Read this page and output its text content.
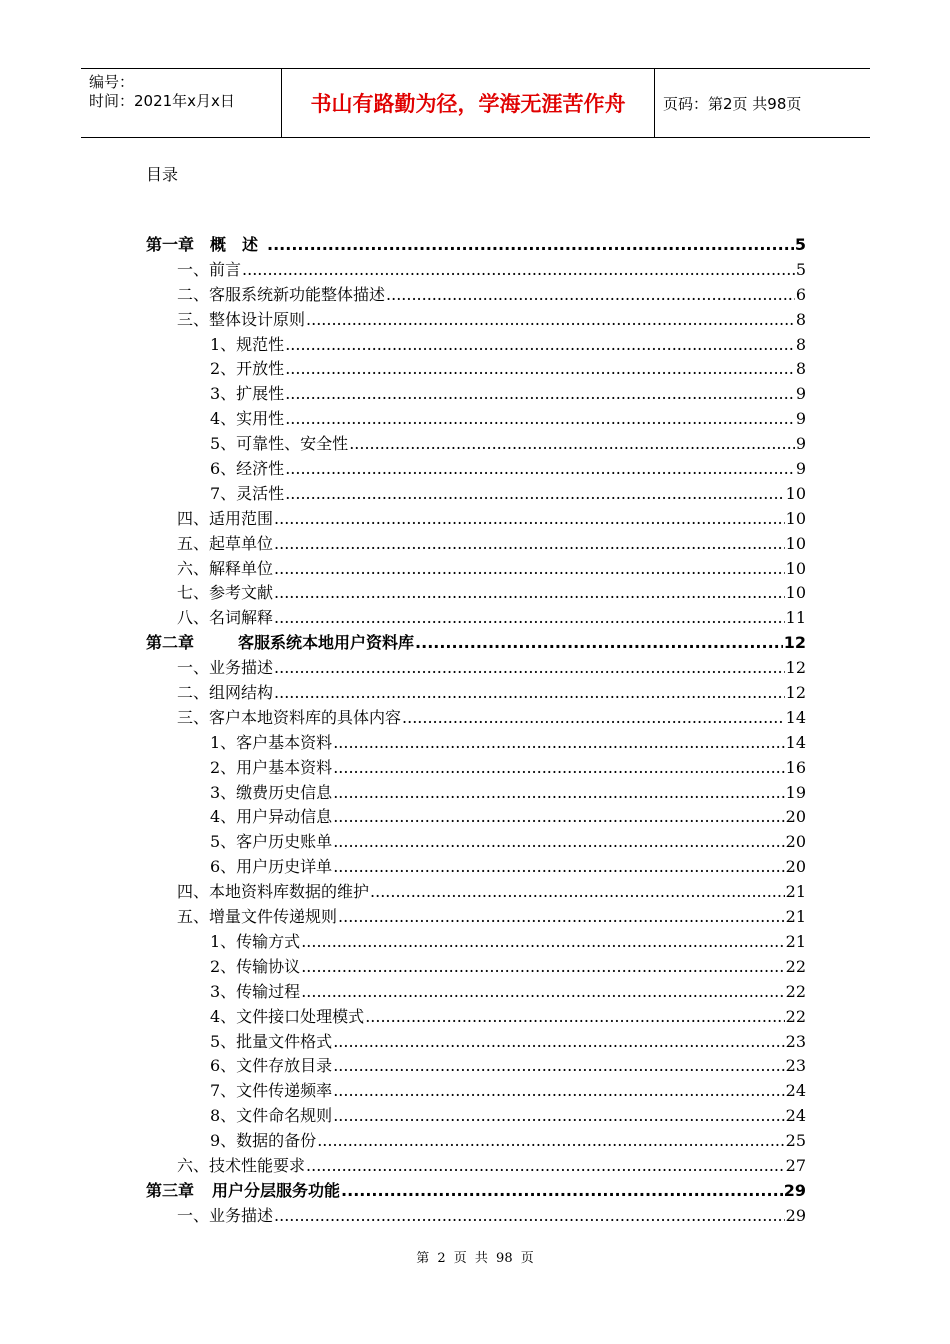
编号：
时间：2021年x月x日	书山有路勤为径，学海无涯苦作舟	页码：第2页 共98页
目录
第一章　概　述 .....	5
一、前言 .....	5
二、客服系统新功能整体描述 .....	6
三、整体设计原则 .....	8
1、规范性 .....	8
2、开放性 .....	8
3、扩展性 .....	9
4、实用性 .....	9
5、可靠性、安全性 .....	9
6、经济性 .....	9
7、灵活性 .....	10
四、适用范围 .....	10
五、起草单位 .....	10
六、解释单位 .....	10
七、参考文献 .....	10
八、名词解释 .....	11
第二章	客服系统本地用户资料库 .....	12
一、业务描述 .....	12
二、组网结构 .....	12
三、客户本地资料库的具体内容 .....	14
1、客户基本资料 .....	14
2、用户基本资料 .....	16
3、缴费历史信息 .....	19
4、用户异动信息 .....	20
5、客户历史账单 .....	20
6、用户历史详单 .....	20
四、本地资料库数据的维护 .....	21
五、增量文件传递规则 .....	21
1、传输方式 .....	21
2、传输协议 .....	22
3、传输过程 .....	22
4、文件接口处理模式 .....	22
5、批量文件格式 .....	23
6、文件存放目录 .....	23
7、文件传递频率 .....	24
8、文件命名规则 .....	24
9、数据的备份 .....	25
六、技术性能要求 .....	27
第三章 用户分层服务功能 .....	29
一、业务描述 .....	29
第 2 页 共 98 页
